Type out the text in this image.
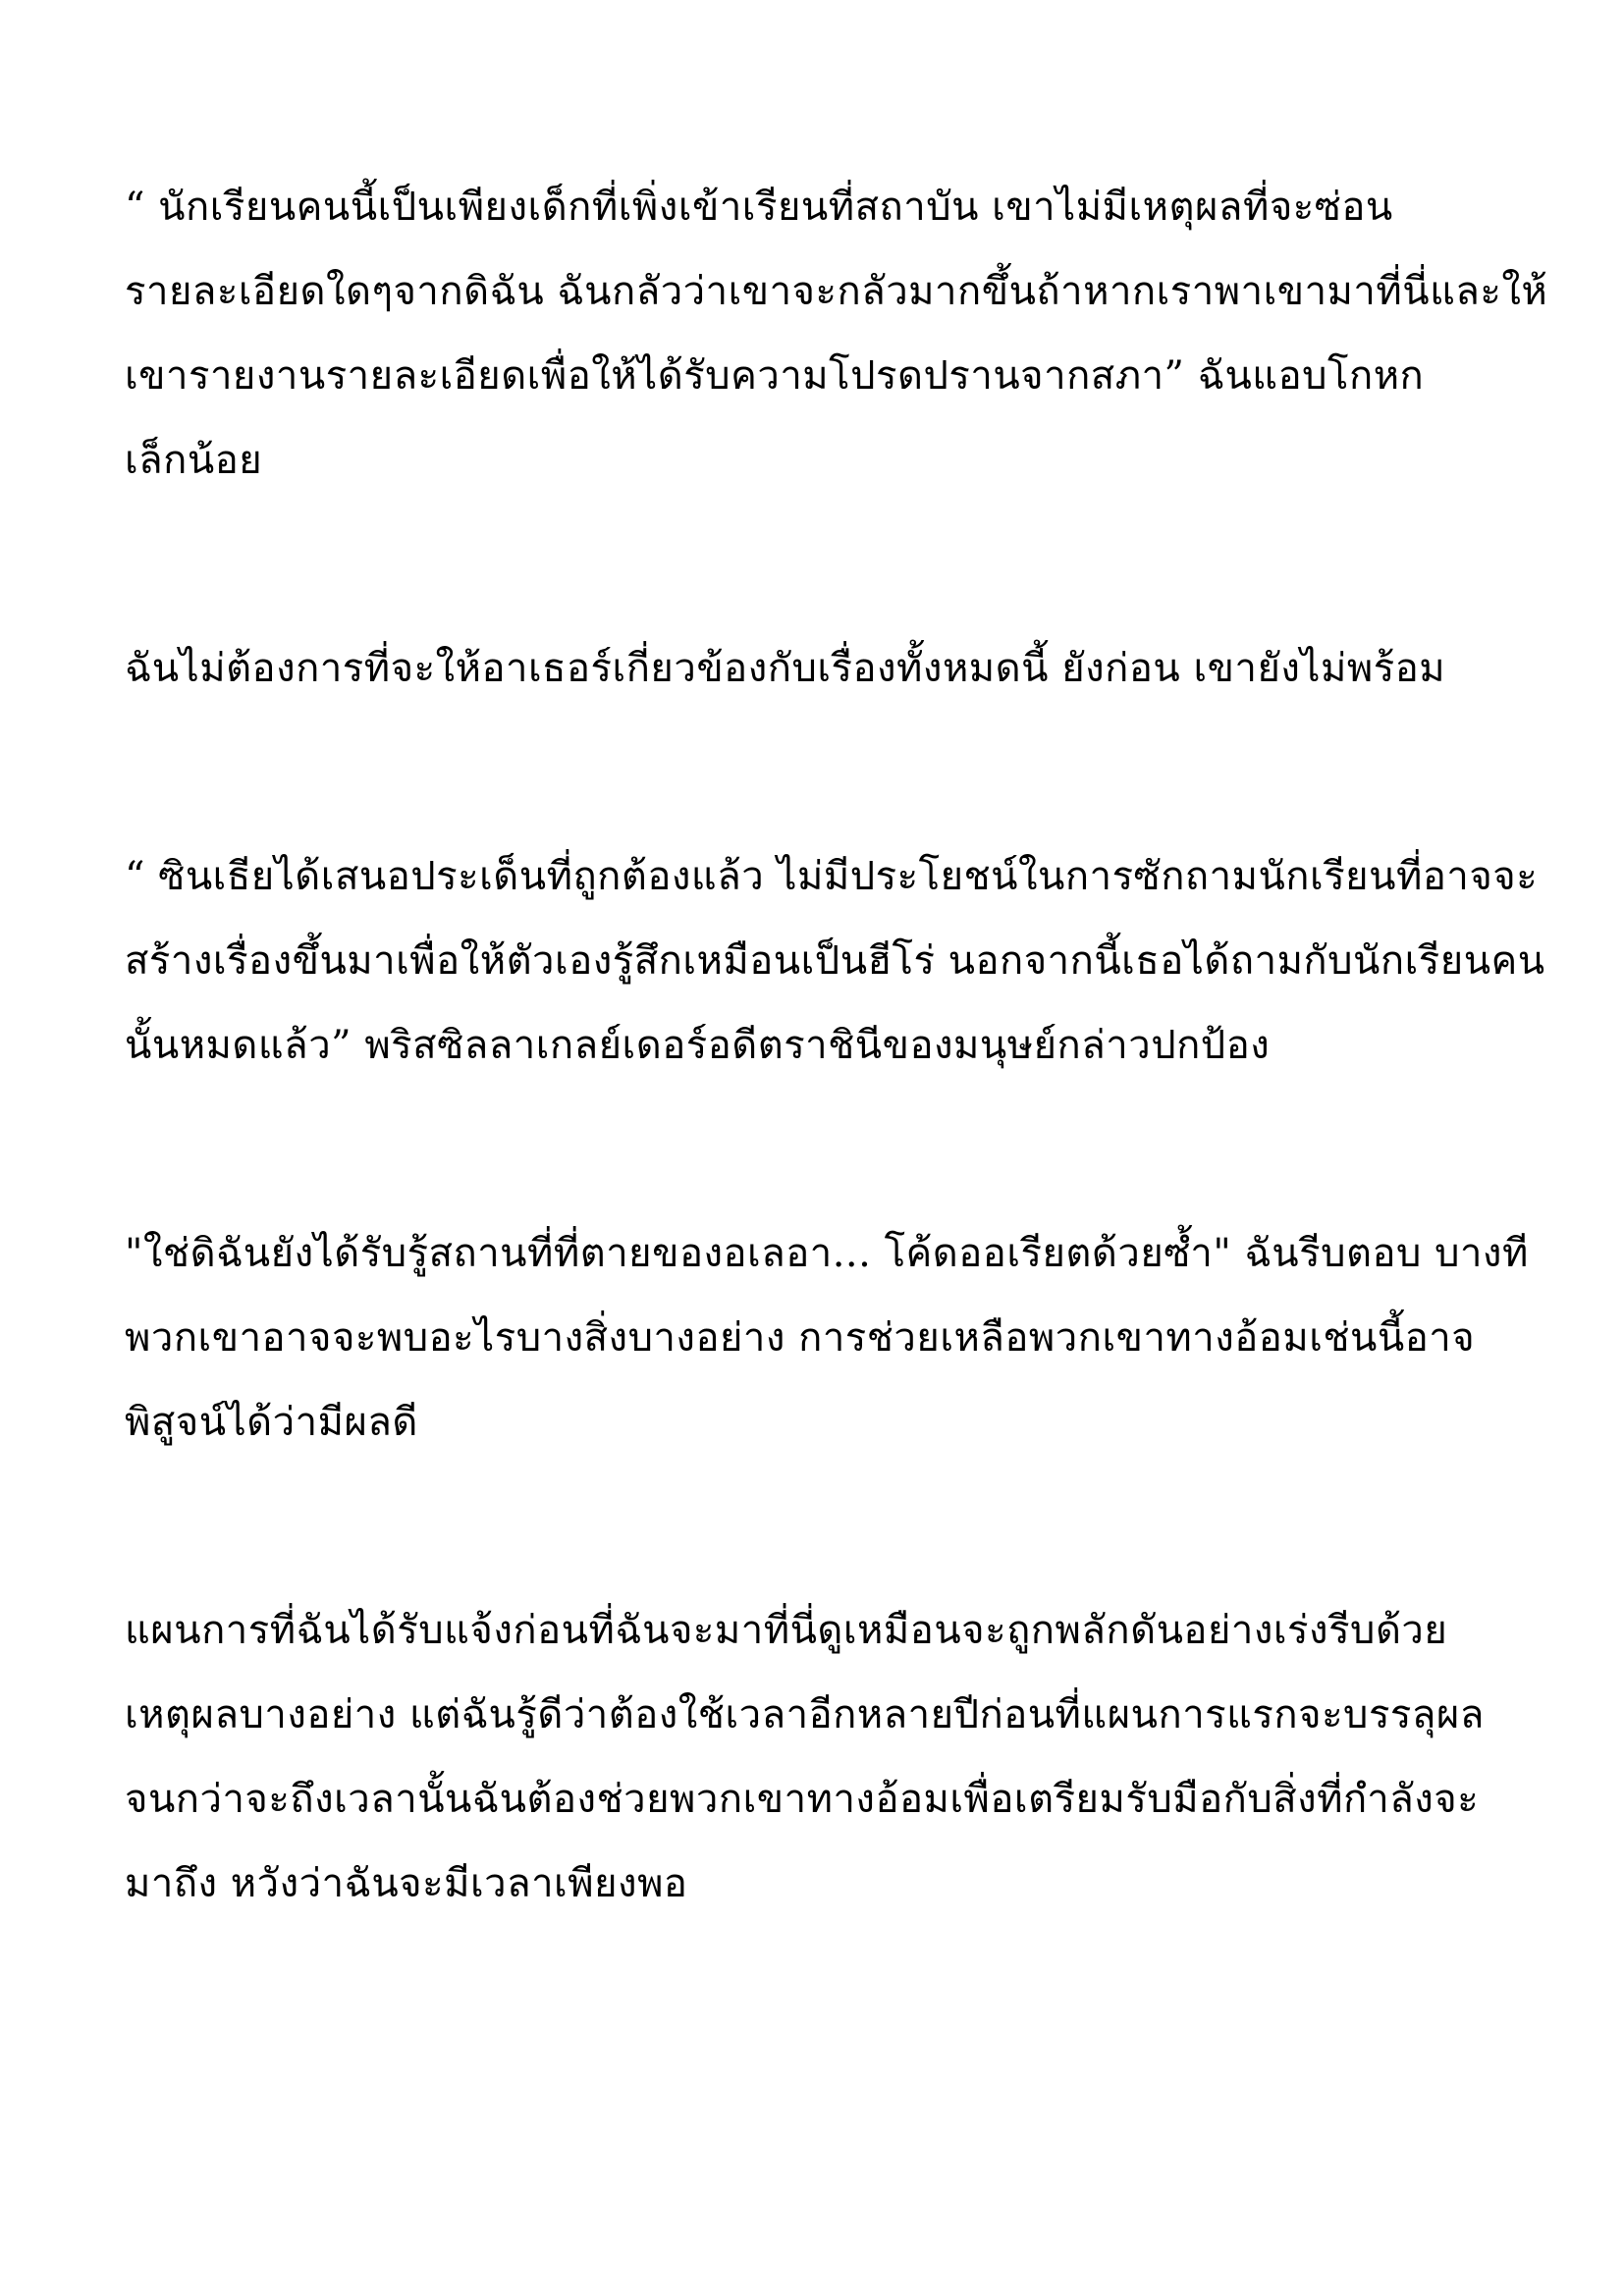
“ นักเรียนคนนี้เป็นเพียงเด็กที่เพิ่งเข้าเรียนที่สถาบัน เขาไม่มีเหตุผลที่จะซ่อน
รายละเอียดใดๆจากดิฉัน ฉันกลัวว่าเขาจะกลัวมากขึ้นถ้าหากเราพาเขามาที่นี่และให้
เขารายงานรายละเอียดเพื่อให้ได้รับความโปรดปรานจากสภา” ฉันแอบโกหก
เล็กน้อย

ฉันไม่ต้องการที่จะให้อาเธอร์เกี่ยวข้องกับเรื่องทั้งหมดนี้ ยังก่อน เขายังไม่พร้อม

“ ซินเธียได้เสนอประเด็นที่ถูกต้องแล้ว ไม่มีประโยชน์ในการซักถามนักเรียนที่อาจจะ
สร้างเรื่องขึ้นมาเพื่อให้ตัวเองรู้สึกเหมือนเป็นฮีโร่ นอกจากนี้เธอได้ถามกับนักเรียนคน
นั้นหมดแล้ว” พริสซิลลาเกลย์เดอร์อดีตราชินีของมนุษย์กล่าวปกป้อง

"ใช่ดิฉันยังได้รับรู้สถานที่ที่ตายของอเลอา... โค้ดออเรียตด้วยซ้ำ" ฉันรีบตอบ บางที
พวกเขาอาจจะพบอะไรบางสิ่งบางอย่าง การช่วยเหลือพวกเขาทางอ้อมเช่นนี้อาจ
พิสูจน์ได้ว่ามีผลดี

แผนการที่ฉันได้รับแจ้งก่อนที่ฉันจะมาที่นี่ดูเหมือนจะถูกพลักดันอย่างเร่งรีบด้วย
เหตุผลบางอย่าง แต่ฉันรู้ดีว่าต้องใช้เวลาอีกหลายปีก่อนที่แผนการแรกจะบรรลุผล
จนกว่าจะถึงเวลานั้นฉันต้องช่วยพวกเขาทางอ้อมเพื่อเตรียมรับมือกับสิ่งที่กำลังจะ
มาถึง หวังว่าฉันจะมีเวลาเพียงพอ
